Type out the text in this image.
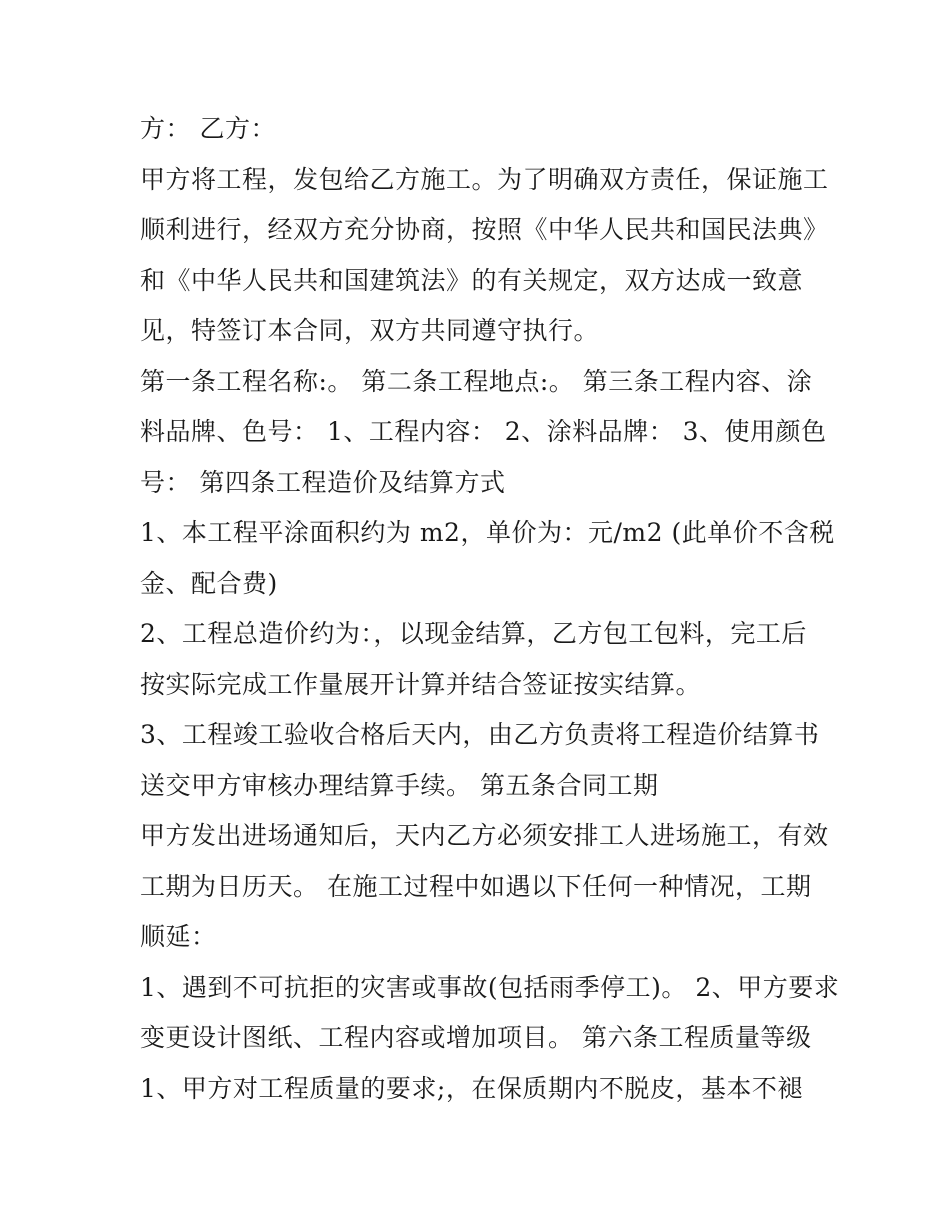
方： 乙方：
甲方将工程，发包给乙方施工。为了明确双方责任，保证施工
顺利进行，经双方充分协商，按照《中华人民共和国民法典》
和《中华人民共和国建筑法》的有关规定，双方达成一致意
见，特签订本合同，双方共同遵守执行。
第一条工程名称:。 第二条工程地点:。 第三条工程内容、涂
料品牌、色号： 1、工程内容： 2、涂料品牌： 3、使用颜色
号： 第四条工程造价及结算方式
1、本工程平涂面积约为 m2，单价为：元/m2 (此单价不含税
金、配合费)
2、工程总造价约为：，以现金结算，乙方包工包料，完工后
按实际完成工作量展开计算并结合签证按实结算。
3、工程竣工验收合格后天内，由乙方负责将工程造价结算书
送交甲方审核办理结算手续。 第五条合同工期
甲方发出进场通知后，天内乙方必须安排工人进场施工，有效
工期为日历天。 在施工过程中如遇以下任何一种情况，工期
顺延：
1、遇到不可抗拒的灾害或事故(包括雨季停工)。 2、甲方要求
变更设计图纸、工程内容或增加项目。 第六条工程质量等级
1、甲方对工程质量的要求;，在保质期内不脱皮，基本不褪
